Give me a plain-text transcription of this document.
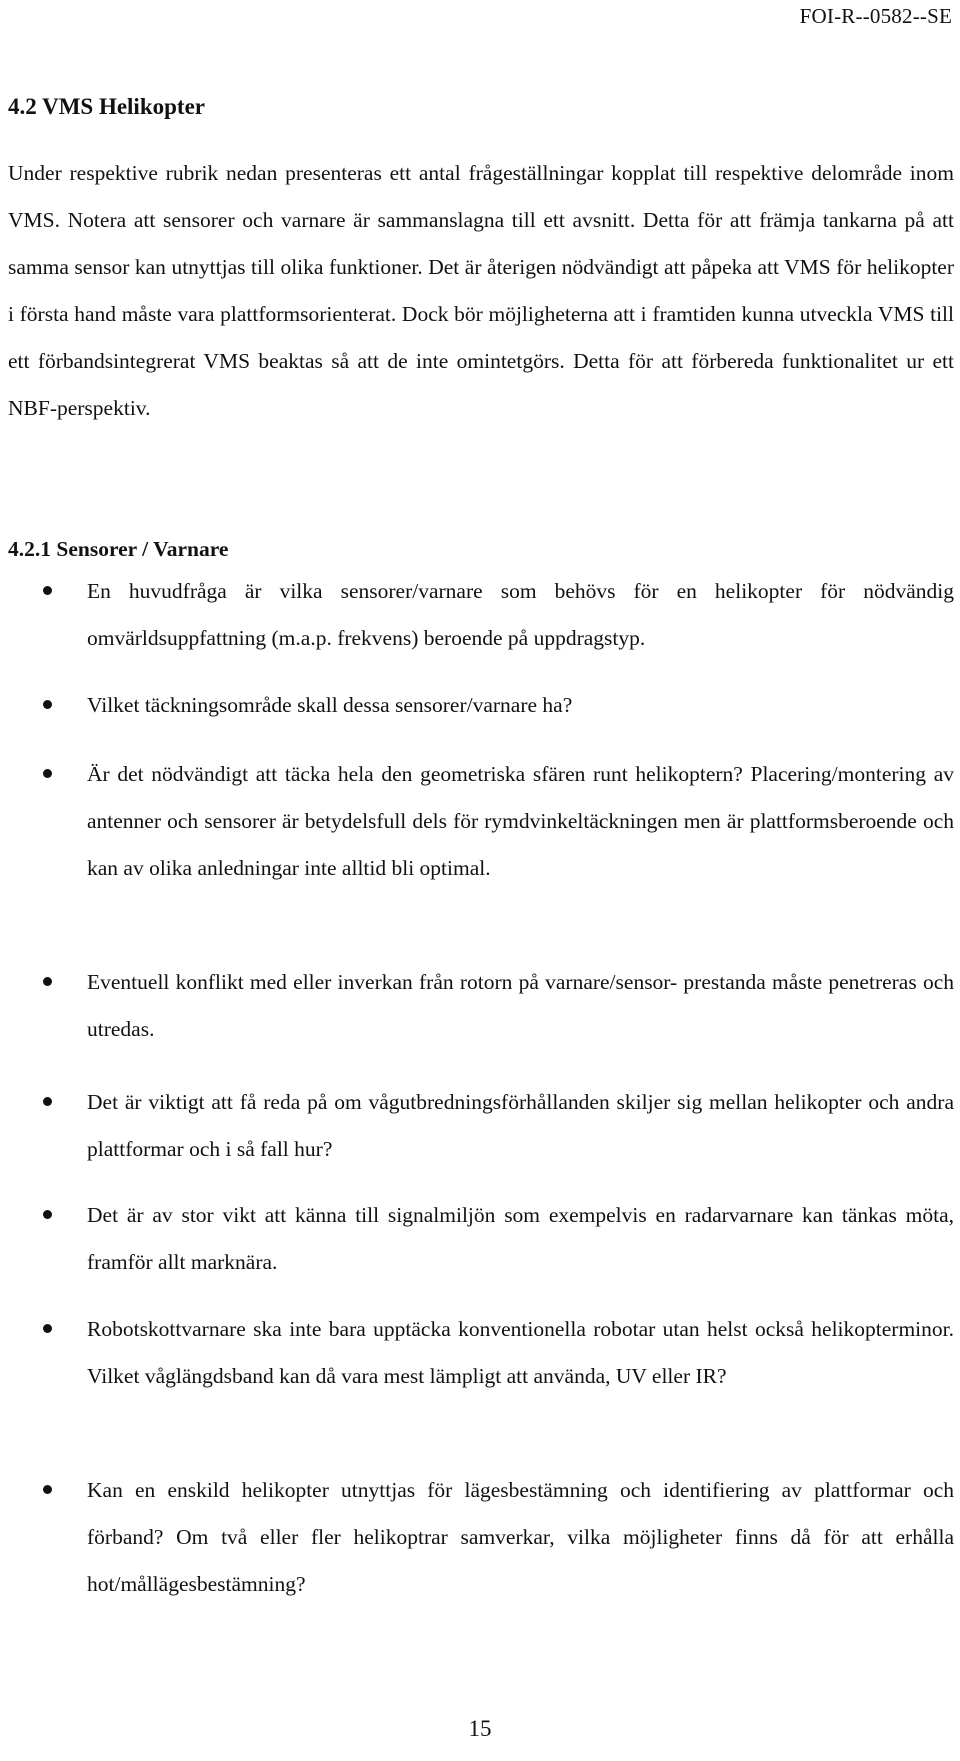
FOI-R--0582--SE
4.2 VMS Helikopter

Under respektive rubrik nedan presenteras ett antal frågeställningar kopplat till respektive delområde inom VMS. Notera att sensorer och varnare är sammanslagna till ett avsnitt. Detta för att främja tankarna på att samma sensor kan utnyttjas till olika funktioner. Det är återigen nödvändigt att påpeka att VMS för helikopter i första hand måste vara plattformsorienterat. Dock bör möjligheterna att i framtiden kunna utveckla VMS till ett förbandsintegrerat VMS beaktas så att de inte omintetgörs. Detta för att förbereda funktionalitet ur ett NBF-perspektiv.

4.2.1 Sensorer / Varnare
En huvudfråga är vilka sensorer/varnare som behövs för en helikopter för nödvändig omvärldsuppfattning (m.a.p. frekvens) beroende på uppdragstyp.
Vilket täckningsområde skall dessa sensorer/varnare ha?
Är det nödvändigt att täcka hela den geometriska sfären runt helikoptern? Placering/montering av antenner och sensorer är betydelsfull dels för rymdvinkeltäckningen men är plattformsberoende och kan av olika anledningar inte alltid bli optimal.
Eventuell konflikt med eller inverkan från rotorn på varnare/sensor- prestanda måste penetreras och utredas.
Det är viktigt att få reda på om vågutbredningsförhållanden skiljer sig mellan helikopter och andra plattformar och i så fall hur?
Det är av stor vikt att känna till signalmiljön som exempelvis en radarvarnare kan tänkas möta, framför allt marknära.
Robotskottvarnare ska inte bara upptäcka konventionella robotar utan helst också helikopterminor. Vilket våglängdsband kan då vara mest lämpligt att använda, UV eller IR?
Kan en enskild helikopter utnyttjas för lägesbestämning och identifiering av plattformar och förband? Om två eller fler helikoptrar samverkar, vilka möjligheter finns då för att erhålla hot/mållägesbestämning?
15
